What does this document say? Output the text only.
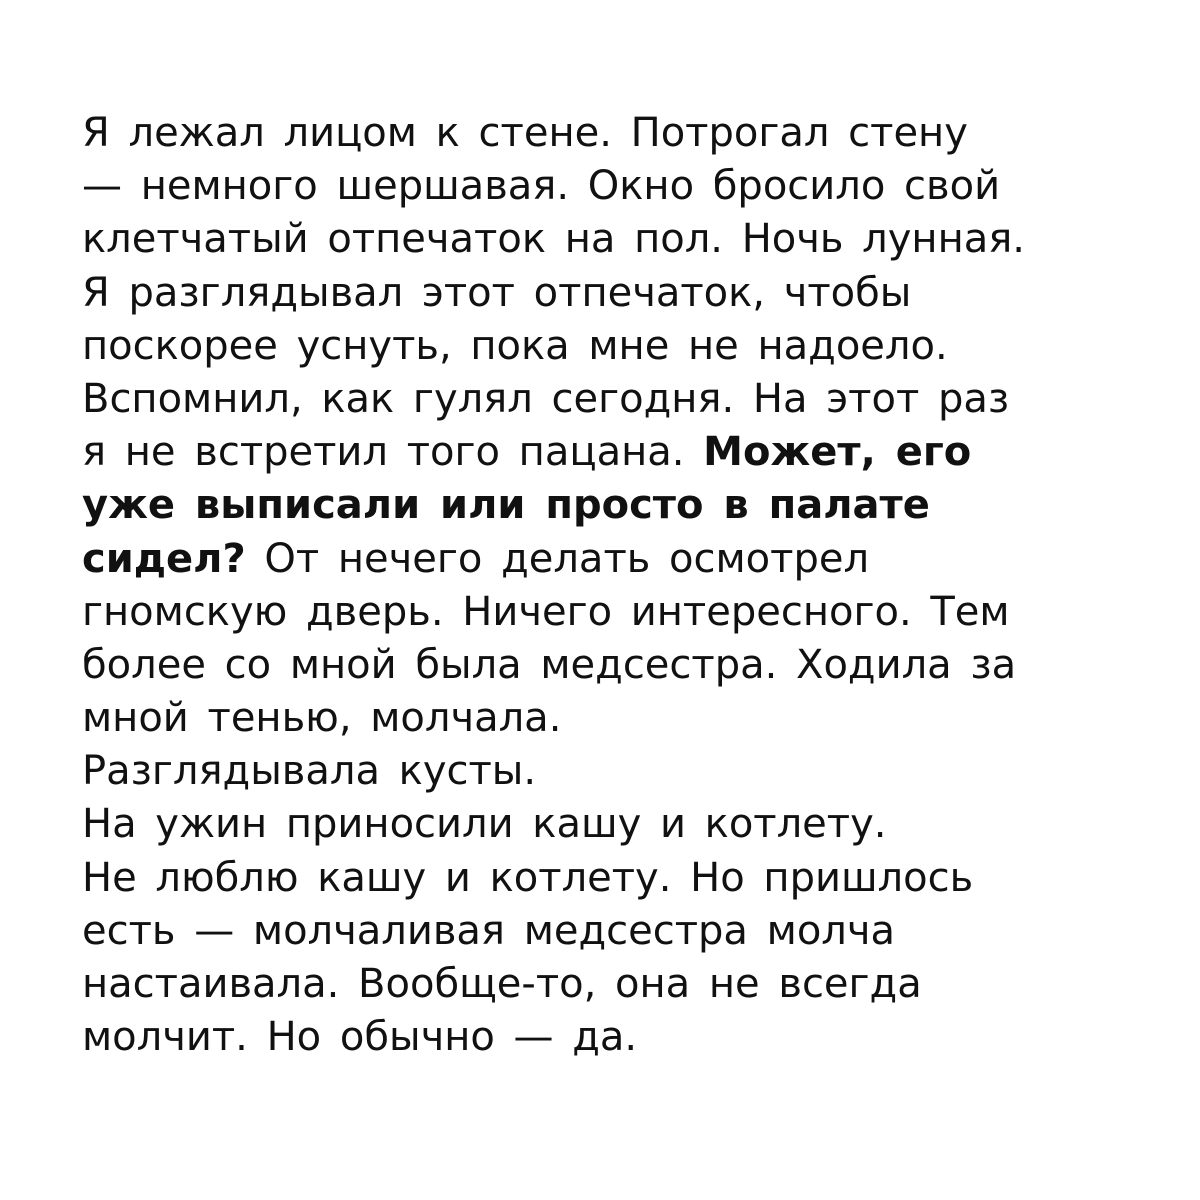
Я лежал лицом к стене. Потрогал стену
— немного шершавая. Окно бросило свой
клетчатый отпечаток на пол. Ночь лунная.
Я разглядывал этот отпечаток, чтобы
поскорее уснуть, пока мне не надоело.
Вспомнил, как гулял сегодня. На этот раз
я не встретил того пацана. Может, его
уже выписали или просто в палате
сидел? От нечего делать осмотрел
гномскую дверь. Ничего интересного. Тем
более со мной была медсестра. Ходила за
мной тенью, молчала.
Разглядывала кусты.
На ужин приносили кашу и котлету.
Не люблю кашу и котлету. Но пришлось
есть — молчаливая медсестра молча
настаивала. Вообще-то, она не всегда
молчит. Но обычно — да.
